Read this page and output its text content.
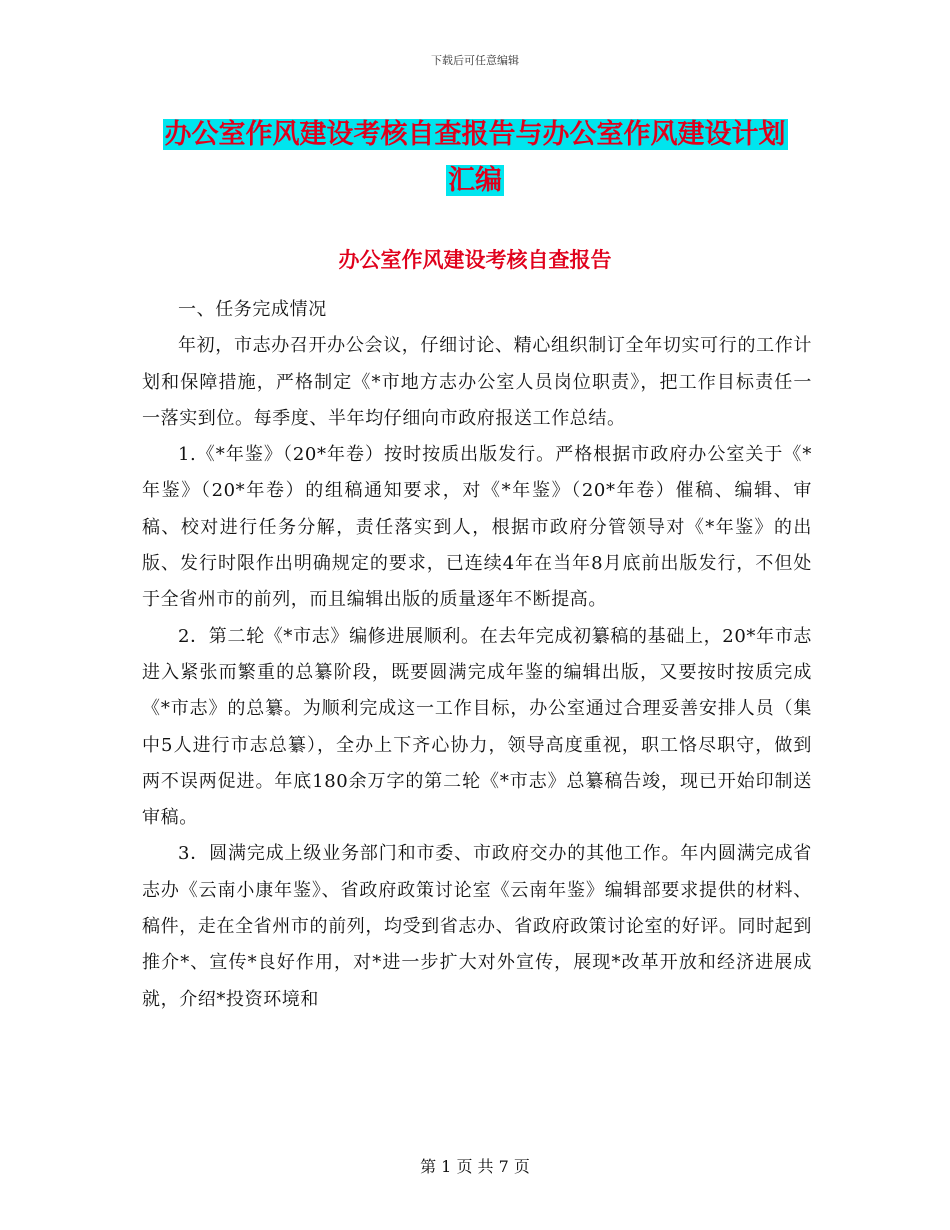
下载后可任意编辑
办公室作风建设考核自查报告与办公室作风建设计划
汇编
办公室作风建设考核自查报告

一、任务完成情况

年初，市志办召开办公会议，仔细讨论、精心组织制订全年切实可行的工作计划和保障措施，严格制定《*市地方志办公室人员岗位职责》，把工作目标责任一一落实到位。每季度、半年均仔细向市政府报送工作总结。

1.《*年鉴》（20*年卷）按时按质出版发行。严格根据市政府办公室关于《*年鉴》（20*年卷）的组稿通知要求，对《*年鉴》（20*年卷）催稿、编辑、审稿、校对进行任务分解，责任落实到人，根据市政府分管领导对《*年鉴》的出版、发行时限作出明确规定的要求，已连续4年在当年8月底前出版发行，不但处于全省州市的前列，而且编辑出版的质量逐年不断提高。

2．第二轮《*市志》编修进展顺利。在去年完成初纂稿的基础上，20*年市志进入紧张而繁重的总纂阶段，既要圆满完成年鉴的编辑出版，又要按时按质完成《*市志》的总纂。为顺利完成这一工作目标，办公室通过合理妥善安排人员（集中5人进行市志总纂），全办上下齐心协力，领导高度重视，职工恪尽职守，做到两不误两促进。年底180余万字的第二轮《*市志》总纂稿告竣，现已开始印制送审稿。

3．圆满完成上级业务部门和市委、市政府交办的其他工作。年内圆满完成省志办《云南小康年鉴》、省政府政策讨论室《云南年鉴》编辑部要求提供的材料、稿件，走在全省州市的前列，均受到省志办、省政府政策讨论室的好评。同时起到推介*、宣传*良好作用，对*进一步扩大对外宣传，展现*改革开放和经济进展成就，介绍*投资环境和

第 1 页 共 7 页
